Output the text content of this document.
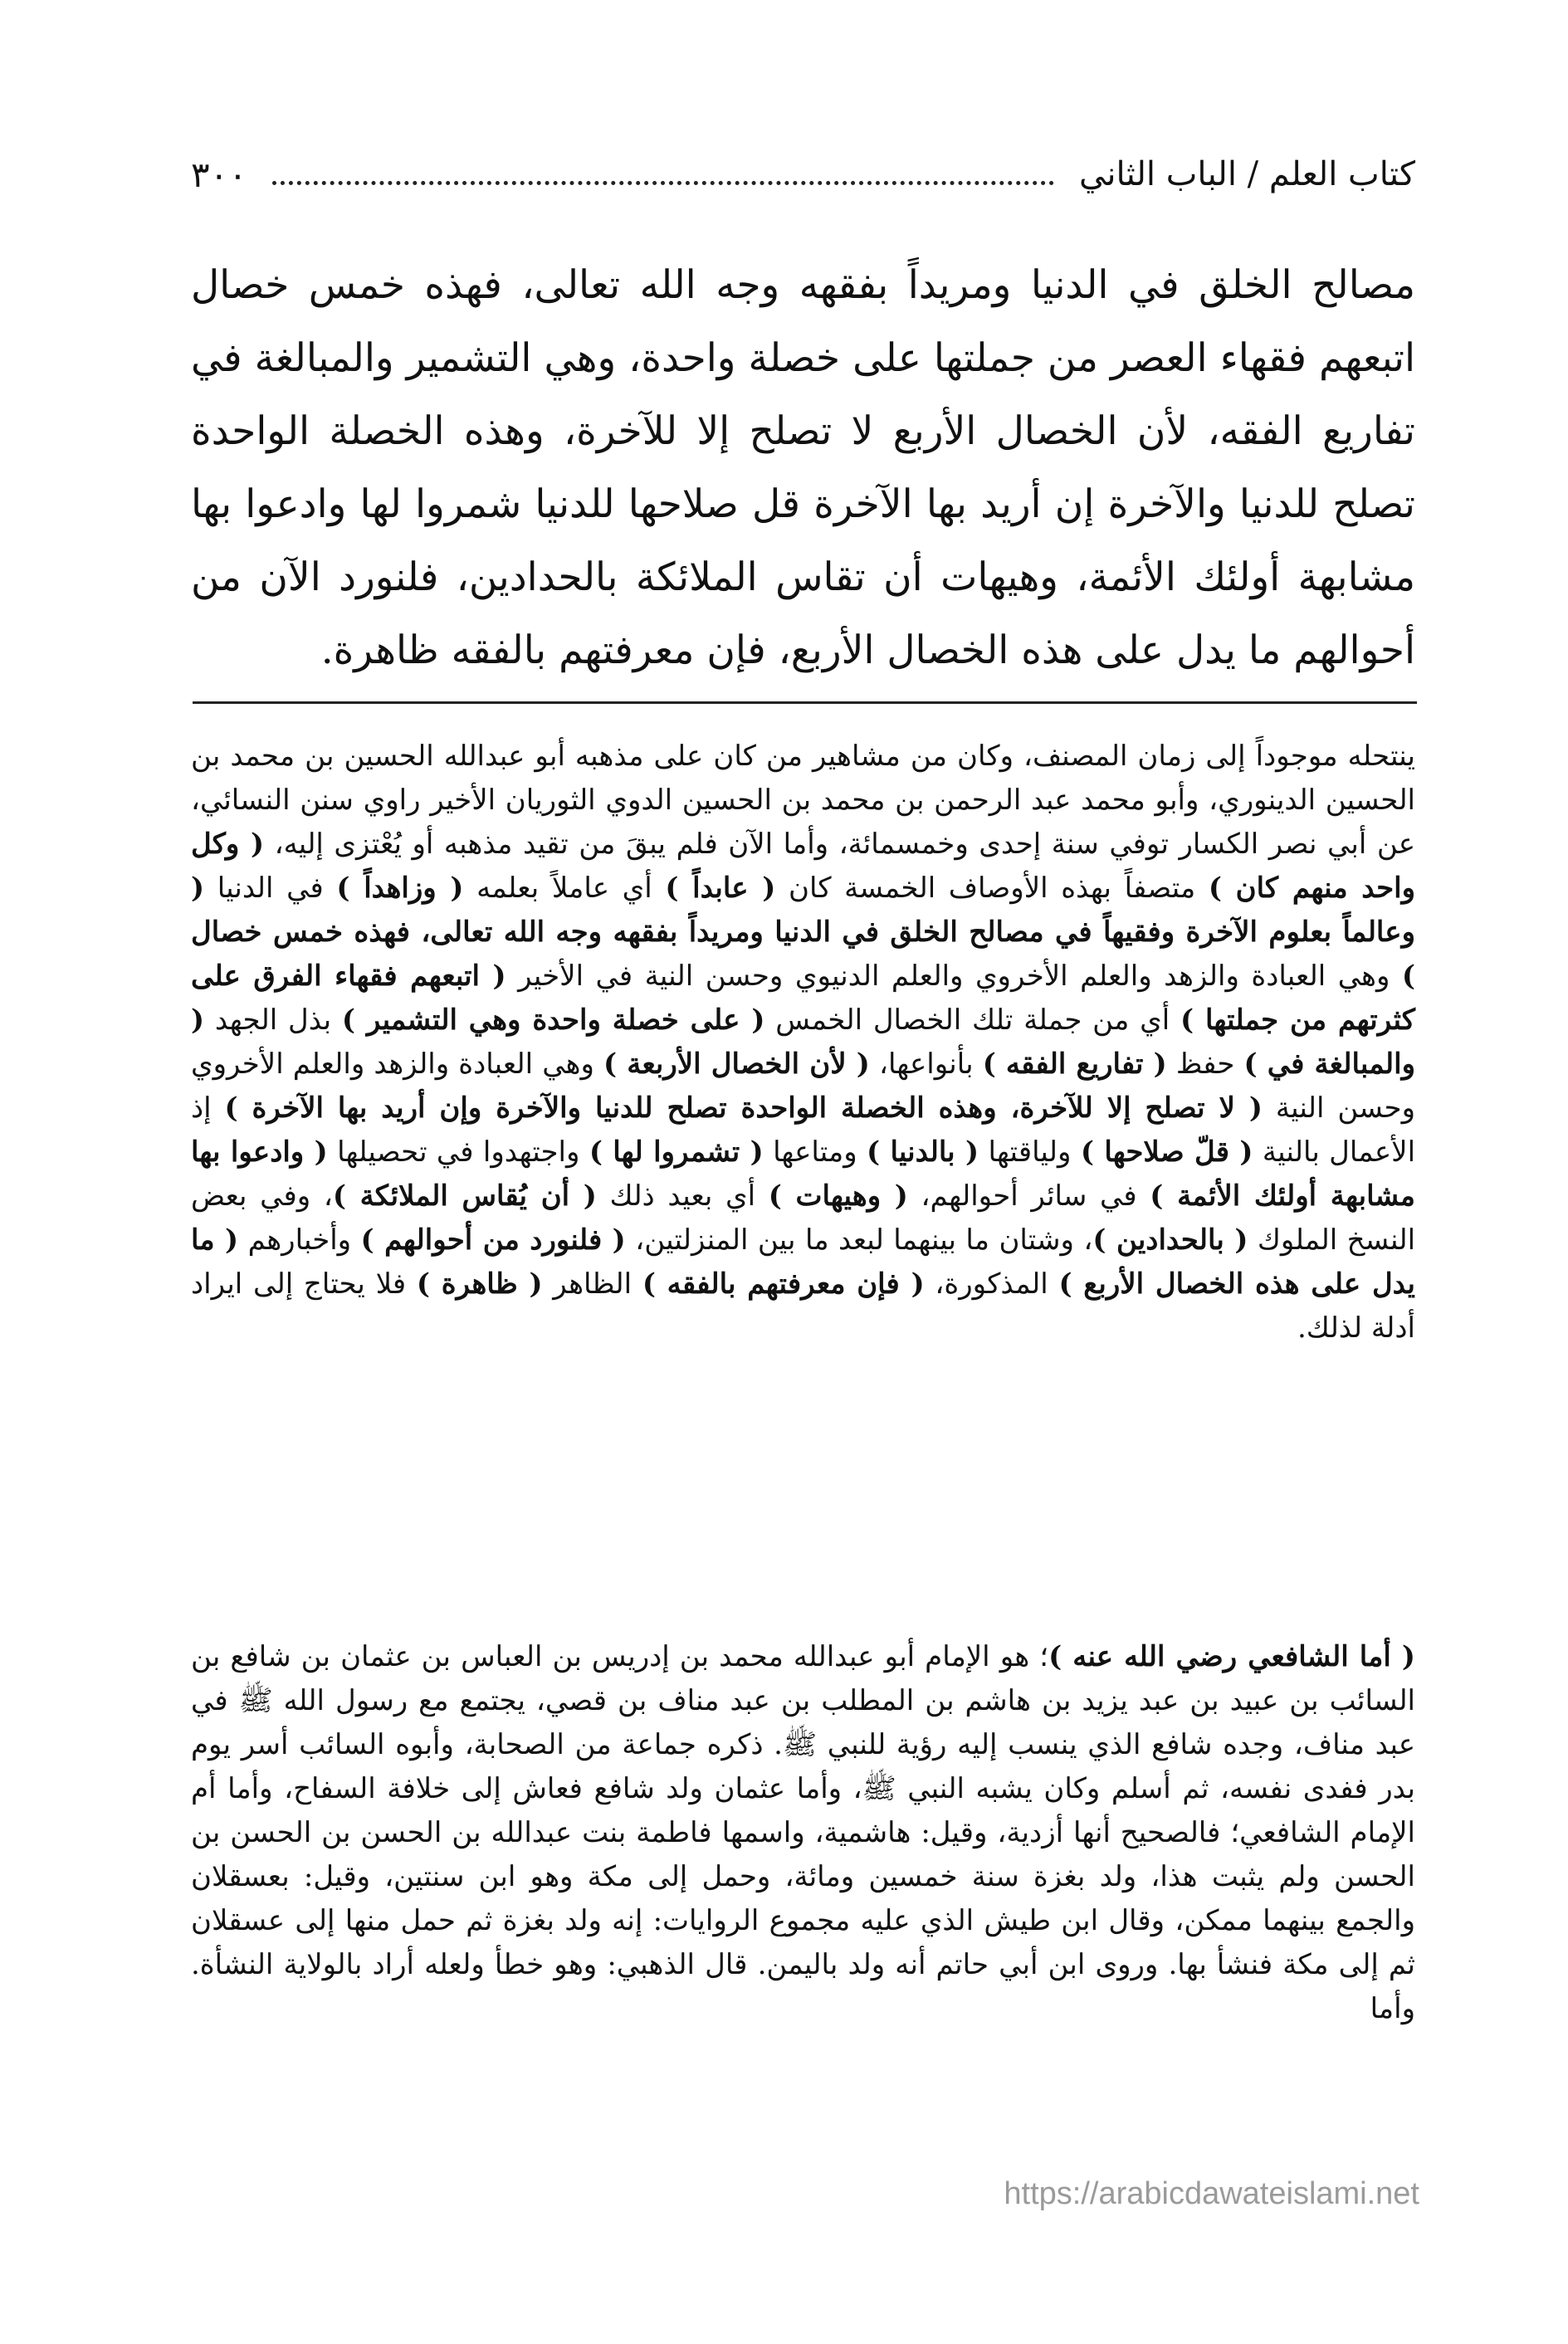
كتاب العلم / الباب الثاني
٣٠٠

مصالح الخلق في الدنيا ومريداً بفقهه وجه الله تعالى، فهذه خمس خصال اتبعهم فقهاء العصر من جملتها على خصلة واحدة، وهي التشمير والمبالغة في تفاريع الفقه، لأن الخصال الأربع لا تصلح إلا للآخرة، وهذه الخصلة الواحدة تصلح للدنيا والآخرة إن أريد بها الآخرة قل صلاحها للدنيا شمروا لها وادعوا بها مشابهة أولئك الأئمة، وهيهات أن تقاس الملائكة بالحدادين، فلنورد الآن من أحوالهم ما يدل على هذه الخصال الأربع، فإن معرفتهم بالفقه ظاهرة.

ينتحله موجوداً إلى زمان المصنف، وكان من مشاهير من كان على مذهبه أبو عبدالله الحسين بن محمد بن الحسين الدينوري، وأبو محمد عبد الرحمن بن محمد بن الحسين الدوي الثوريان الأخير راوي سنن النسائي، عن أبي نصر الكسار توفي سنة إحدى وخمسمائة، وأما الآن فلم يبقَ من تقيد مذهبه أو يُعْتزى إليه، ( وكل واحد منهم كان ) متصفاً بهذه الأوصاف الخمسة كان ( عابداً ) أي عاملاً بعلمه ( وزاهداً ) في الدنيا ( وعالماً بعلوم الآخرة وفقيهاً في مصالح الخلق في الدنيا ومريداً بفقهه وجه الله تعالى، فهذه خمس خصال ) وهي العبادة والزهد والعلم الأخروي والعلم الدنيوي وحسن النية في الأخير ( اتبعهم فقهاء الفرق على كثرتهم من جملتها ) أي من جملة تلك الخصال الخمس ( على خصلة واحدة وهي التشمير ) بذل الجهد ( والمبالغة في ) حفظ ( تفاريع الفقه ) بأنواعها، ( لأن الخصال الأربعة ) وهي العبادة والزهد والعلم الأخروي وحسن النية ( لا تصلح إلا للآخرة، وهذه الخصلة الواحدة تصلح للدنيا والآخرة وإن أريد بها الآخرة ) إذ الأعمال بالنية ( قلّ صلاحها ) ولياقتها ( بالدنيا ) ومتاعها ( تشمروا لها ) واجتهدوا في تحصيلها ( وادعوا بها مشابهة أولئك الأئمة ) في سائر أحوالهم، ( وهيهات ) أي بعيد ذلك ( أن يُقاس الملائكة )، وفي بعض النسخ الملوك ( بالحدادين )، وشتان ما بينهما لبعد ما بين المنزلتين، ( فلنورد من أحوالهم ) وأخبارهم ( ما يدل على هذه الخصال الأربع ) المذكورة، ( فإن معرفتهم بالفقه ) الظاهر ( ظاهرة ) فلا يحتاج إلى ايراد أدلة لذلك.

( أما الشافعي رضي الله عنه )؛ هو الإمام أبو عبدالله محمد بن إدريس بن العباس بن عثمان بن شافع بن السائب بن عبيد بن عبد يزيد بن هاشم بن المطلب بن عبد مناف بن قصي، يجتمع مع رسول الله ﷺ في عبد مناف، وجده شافع الذي ينسب إليه رؤية للنبي ﷺ. ذكره جماعة من الصحابة، وأبوه السائب أسر يوم بدر ففدى نفسه، ثم أسلم وكان يشبه النبي ﷺ، وأما عثمان ولد شافع فعاش إلى خلافة السفاح، وأما أم الإمام الشافعي؛ فالصحيح أنها أزدية، وقيل: هاشمية، واسمها فاطمة بنت عبدالله بن الحسن بن الحسن بن الحسن ولم يثبت هذا، ولد بغزة سنة خمسين ومائة، وحمل إلى مكة وهو ابن سنتين، وقيل: بعسقلان والجمع بينهما ممكن، وقال ابن طيش الذي عليه مجموع الروايات: إنه ولد بغزة ثم حمل منها إلى عسقلان ثم إلى مكة فنشأ بها. وروى ابن أبي حاتم أنه ولد باليمن. قال الذهبي: وهو خطأ ولعله أراد بالولاية النشأة. وأما

https://arabicdawateislami.net
